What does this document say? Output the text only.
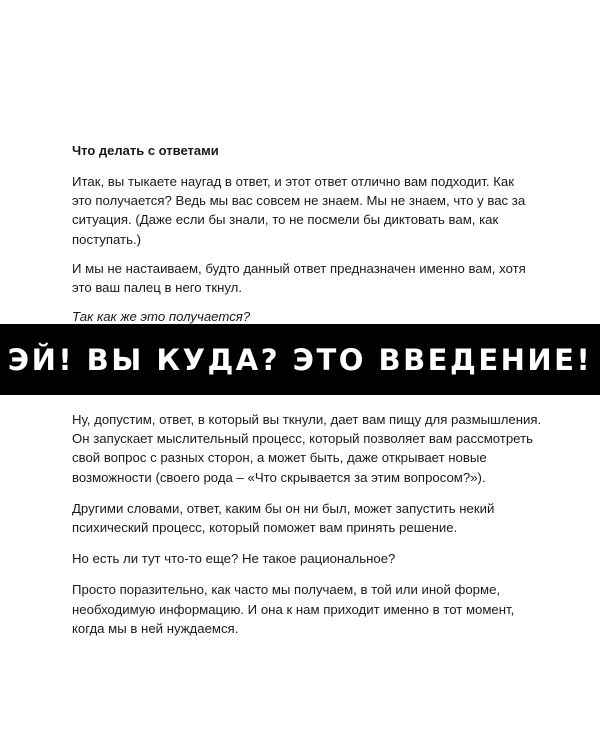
Что делать с ответами

Итак, вы тыкаете наугад в ответ, и этот ответ отлично вам подходит. Как это получается? Ведь мы вас совсем не знаем. Мы не знаем, что у вас за ситуация. (Даже если бы знали, то не посмели бы диктовать вам, как поступать.)

И мы не настаиваем, будто данный ответ предназначен именно вам, хотя это ваш палец в него ткнул.

Так как же это получается?

ЭЙ! ВЫ КУДА? ЭТО ВВЕДЕНИЕ!

Ну, допустим, ответ, в который вы ткнули, дает вам пищу для размышления. Он запускает мыслительный процесс, который позволяет вам рассмотреть свой вопрос с разных сторон, а может быть, даже открывает новые возможности (своего рода – «Что скрывается за этим вопросом?»).

Другими словами, ответ, каким бы он ни был, может запустить некий психический процесс, который поможет вам принять решение.

Но есть ли тут что-то еще? Не такое рациональное?

Просто поразительно, как часто мы получаем, в той или иной форме, необходимую информацию. И она к нам приходит именно в тот момент, когда мы в ней нуждаемся.
